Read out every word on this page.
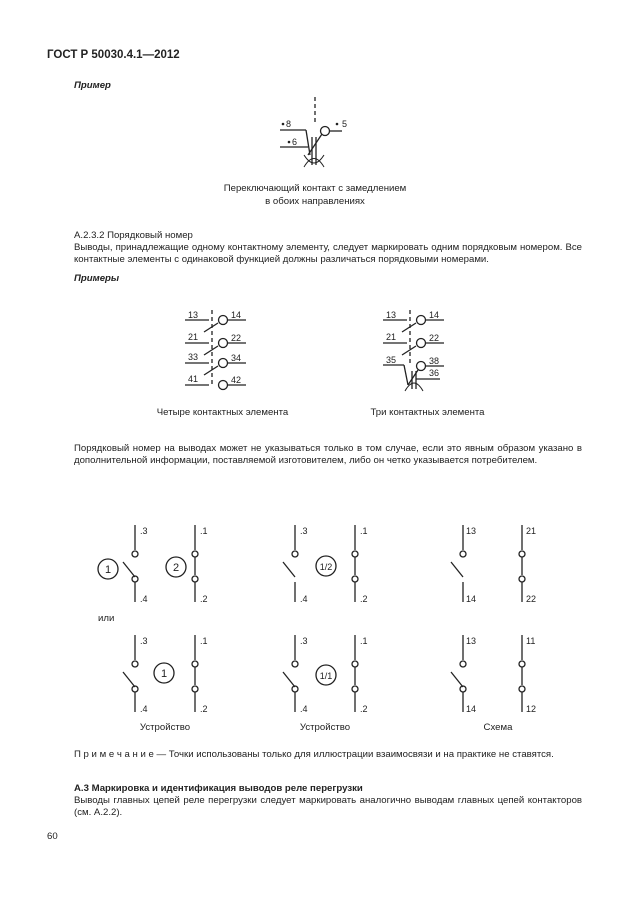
ГОСТ Р 50030.4.1—2012
Пример
8
6
5
Переключающий контакт с замедлением
в обоих направлениях
А.2.3.2 Порядковый номер
Выводы, принадлежащие одному контактному элементу, следует маркировать одним порядковым номером. Все контактные элементы с одинаковой функцией должны различаться порядковыми номерами.
Примеры
13	14
21	22
33	34
41	42
Четыре контактных элемента
13	14
21	22
35	38
36
Три контактных элемента
Порядковый номер на выводах может не указываться только в том случае, если это явным образом указано в дополнительной информации, поставляемой изготовителем, либо он четко указывается потребителем.
.3
.4
1
.1
.2
2
.3
.4
1/2
.1
.2
13
14
21
22
или
.3
.4
1
.1
.2
.3
.4
1/1
.1
.2
13
14
11
12
Устройство	Устройство	Схема
П р и м е ч а н и е — Точки использованы только для иллюстрации взаимосвязи и на практике не ставятся.
А.3 Маркировка и идентификация выводов реле перегрузки
Выводы главных цепей реле перегрузки следует маркировать аналогично выводам главных цепей контакторов (см. А.2.2).
60
